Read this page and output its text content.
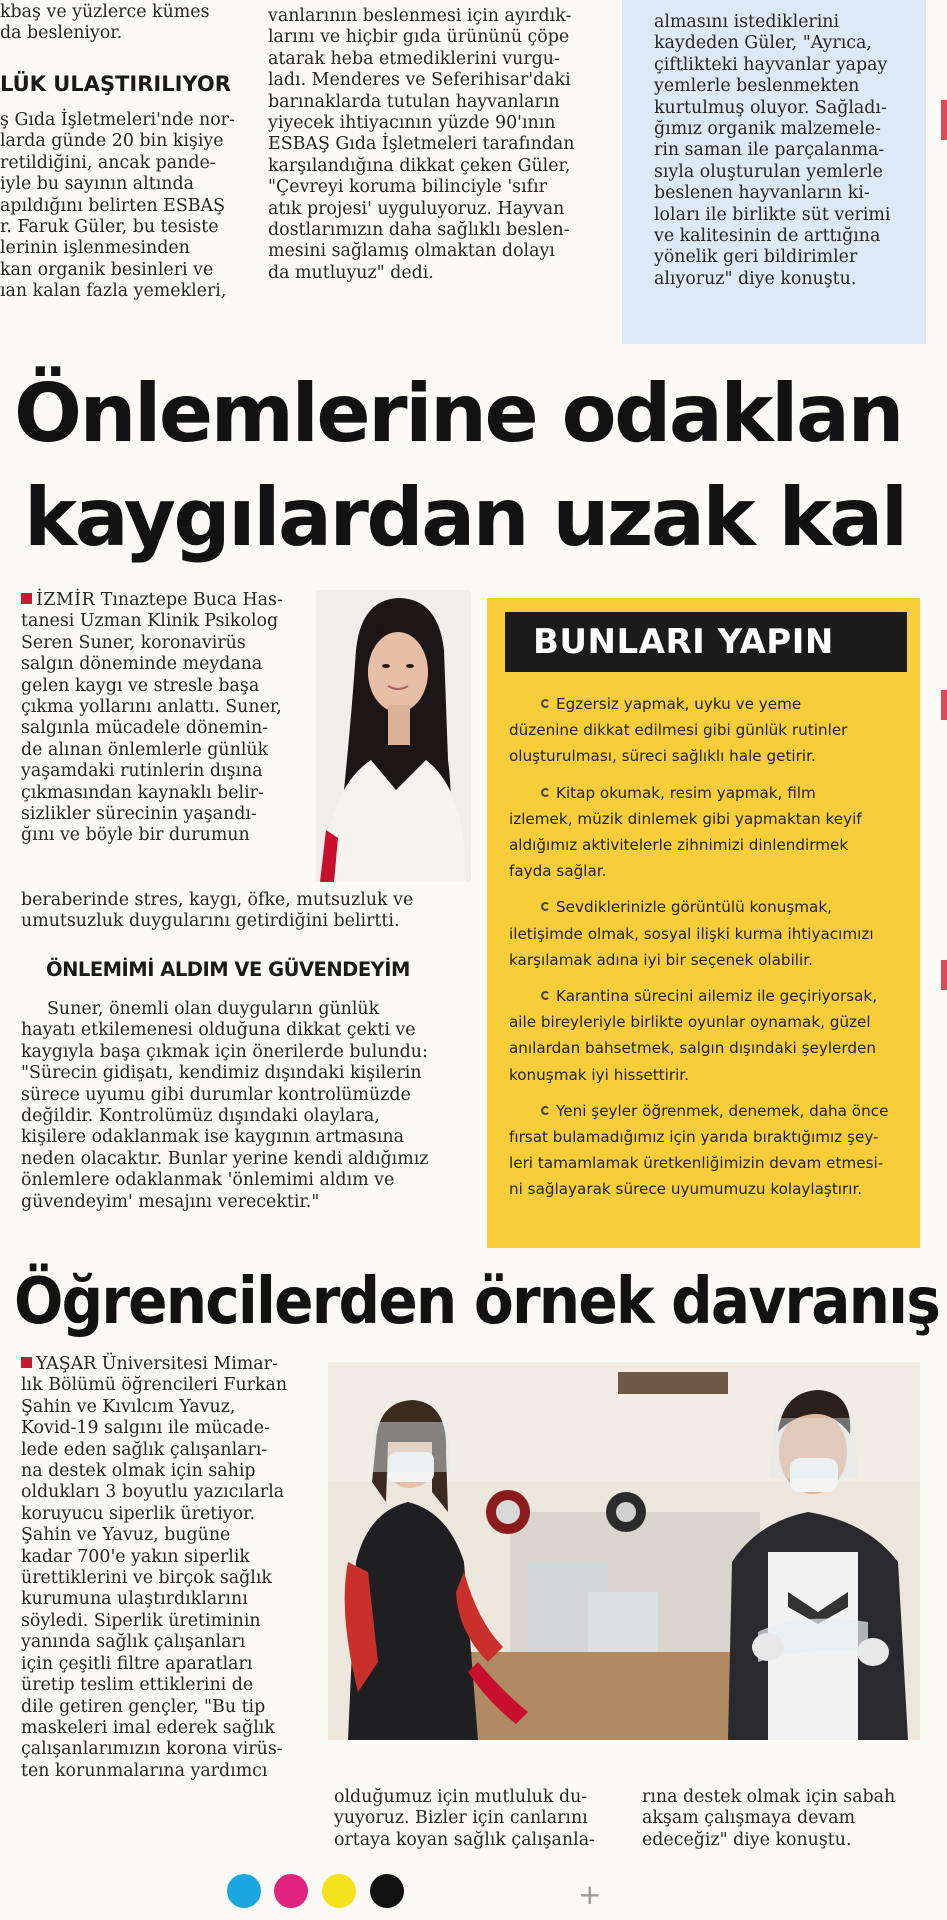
kbaş ve yüzlerce kümes
da besleniyor.
LÜK ULAŞTIRILIYOR
ş Gıda İşletmeleri'nde nor-
larda günde 20 bin kişiye
retildiğini, ancak pande-
iyle bu sayının altında
apıldığını belirten ESBAŞ
r. Faruk Güler, bu tesiste
lerinin işlenmesinden
kan organik besinleri ve
ıan kalan fazla yemekleri,
vanlarının beslenmesi için ayırdık-
larını ve hiçbir gıda ürününü çöpe
atarak heba etmediklerini vurgu-
ladı. Menderes ve Seferihisar'daki
barınaklarda tutulan hayvanların
yiyecek ihtiyacının yüzde 90'ının
ESBAŞ Gıda İşletmeleri tarafından
karşılandığına dikkat çeken Güler,
"Çevreyi koruma bilinciyle 'sıfır
atık projesi' uyguluyoruz. Hayvan
dostlarımızın daha sağlıklı beslen-
mesini sağlamış olmaktan dolayı
da mutluyuz" dedi.
almasını istediklerini
kaydeden Güler, "Ayrıca,
çiftlikteki hayvanlar yapay
yemlerle beslenmekten
kurtulmuş oluyor. Sağladı-
ğımız organik malzemele-
rin saman ile parçalanma-
sıyla oluşturulan yemlerle
beslenen hayvanların ki-
loları ile birlikte süt verimi
ve kalitesinin de arttığına
yönelik geri bildirimler
alıyoruz" diye konuştu.
Önlemlerine odaklan
kaygılardan uzak kal
İZMİR Tınaztepe Buca Has-
tanesi Uzman Klinik Psikolog
Seren Suner, koronavirüs
salgın döneminde meydana
gelen kaygı ve stresle başa
çıkma yollarını anlattı. Suner,
salgınla mücadele dönemin-
de alınan önlemlerle günlük
yaşamdaki rutinlerin dışına
çıkmasından kaynaklı belir-
sizlikler sürecinin yaşandı-
ğını ve böyle bir durumun
beraberinde stres, kaygı, öfke, mutsuzluk ve
umutsuzluk duygularını getirdiğini belirtti.
ÖNLEMİMİ ALDIM VE GÜVENDEYİM
Suner, önemli olan duyguların günlük
hayatı etkilemenesi olduğuna dikkat çekti ve
kaygıyla başa çıkmak için önerilerde bulundu:
"Sürecin gidişatı, kendimiz dışındaki kişilerin
sürece uyumu gibi durumlar kontrolümüzde
değildir. Kontrolümüz dışındaki olaylara,
kişilere odaklanmak ise kaygının artmasına
neden olacaktır. Bunlar yerine kendi aldığımız
önlemlere odaklanmak 'önlemimi aldım ve
güvendeyim' mesajını verecektir."
BUNLARI YAPIN
Egzersiz yapmak, uyku ve yeme
düzenine dikkat edilmesi gibi günlük rutinler
oluşturulması, süreci sağlıklı hale getirir.
Kitap okumak, resim yapmak, film
izlemek, müzik dinlemek gibi yapmaktan keyif
aldığımız aktivitelerle zihnimizi dinlendirmek
fayda sağlar.
Sevdiklerinizle görüntülü konuşmak,
iletişimde olmak, sosyal ilişki kurma ihtiyacımızı
karşılamak adına iyi bir seçenek olabilir.
Karantina sürecini ailemiz ile geçiriyorsak,
aile bireyleriyle birlikte oyunlar oynamak, güzel
anılardan bahsetmek, salgın dışındaki şeylerden
konuşmak iyi hissettirir.
Yeni şeyler öğrenmek, denemek, daha önce
fırsat bulamadığımız için yarıda bıraktığımız şey-
leri tamamlamak üretkenliğimizin devam etmesi-
ni sağlayarak sürece uyumumuzu kolaylaştırır.
Öğrencilerden örnek davranış
YAŞAR Üniversitesi Mimar-
lık Bölümü öğrencileri Furkan
Şahin ve Kıvılcım Yavuz,
Kovid-19 salgını ile mücade-
lede eden sağlık çalışanları-
na destek olmak için sahip
oldukları 3 boyutlu yazıcılarla
koruyucu siperlik üretiyor.
Şahin ve Yavuz, bugüne
kadar 700'e yakın siperlik
ürettiklerini ve birçok sağlık
kurumuna ulaştırdıklarını
söyledi. Siperlik üretiminin
yanında sağlık çalışanları
için çeşitli filtre aparatları
üretip teslim ettiklerini de
dile getiren gençler, "Bu tip
maskeleri imal ederek sağlık
çalışanlarımızın korona virüs-
ten korunmalarına yardımcı
olduğumuz için mutluluk du-
yuyoruz. Bizler için canlarını
ortaya koyan sağlık çalışanla-
rına destek olmak için sabah
akşam çalışmaya devam
edeceğiz" diye konuştu.
+
